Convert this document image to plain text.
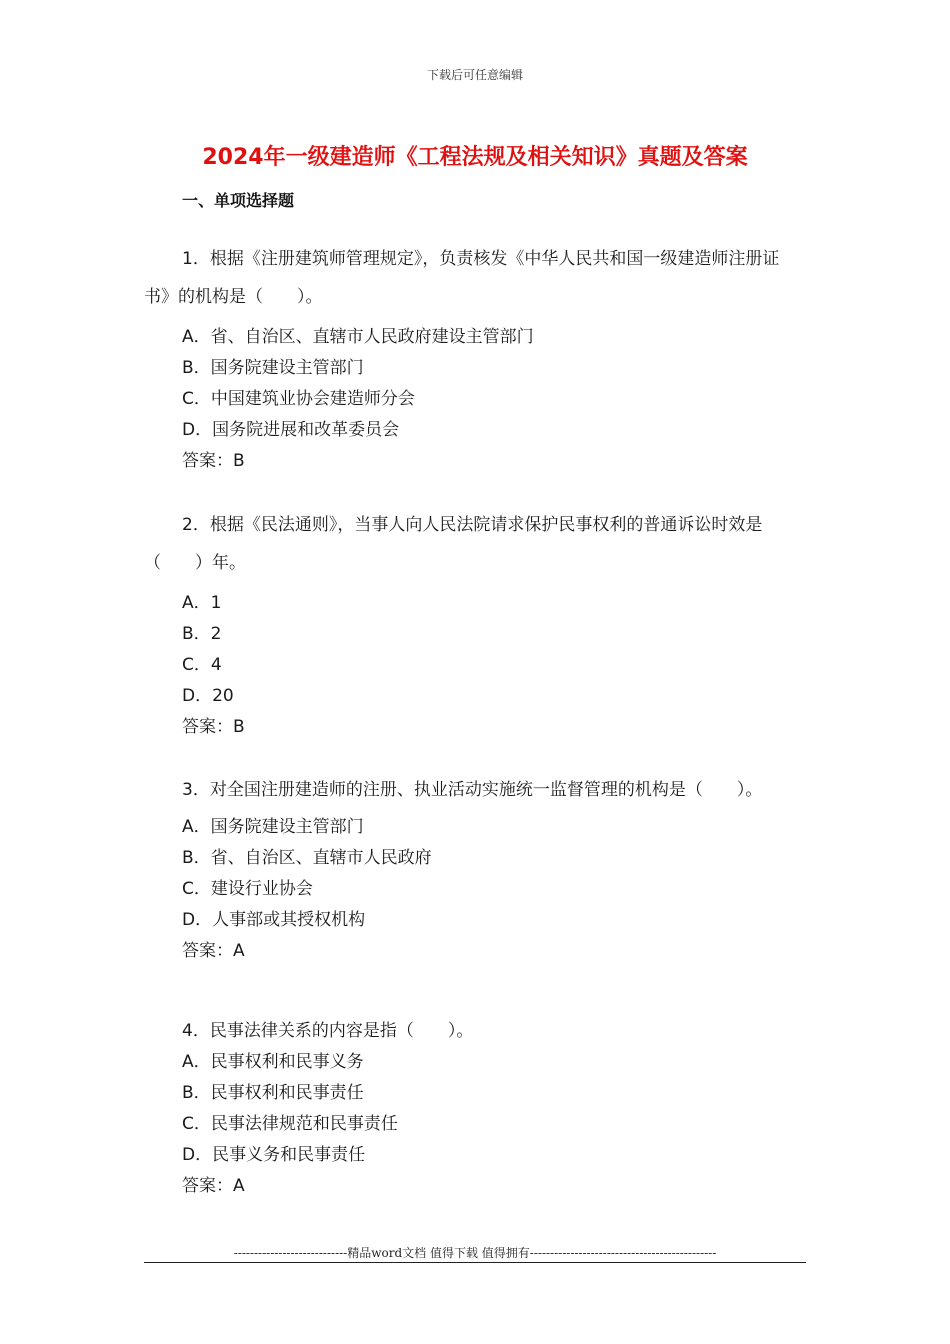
下载后可任意编辑
2024年一级建造师《工程法规及相关知识》真题及答案
一、单项选择题
1．根据《注册建筑师管理规定》，负责核发《中华人民共和国一级建造师注册证书》的机构是（　　）。
A．省、自治区、直辖市人民政府建设主管部门
B．国务院建设主管部门
C．中国建筑业协会建造师分会
D．国务院进展和改革委员会
答案：B
2．根据《民法通则》，当事人向人民法院请求保护民事权利的普通诉讼时效是（　　）年。
A．1
B．2
C．4
D．20
答案：B
3．对全国注册建造师的注册、执业活动实施统一监督管理的机构是（　　）。
A．国务院建设主管部门
B．省、自治区、直辖市人民政府
C．建设行业协会
D．人事部或其授权机构
答案：A
4．民事法律关系的内容是指（　　）。
A．民事权利和民事义务
B．民事权利和民事责任
C．民事法律规范和民事责任
D．民事义务和民事责任
答案：A
----------------------------精品word文档 值得下载 值得拥有----------------------------------------------
